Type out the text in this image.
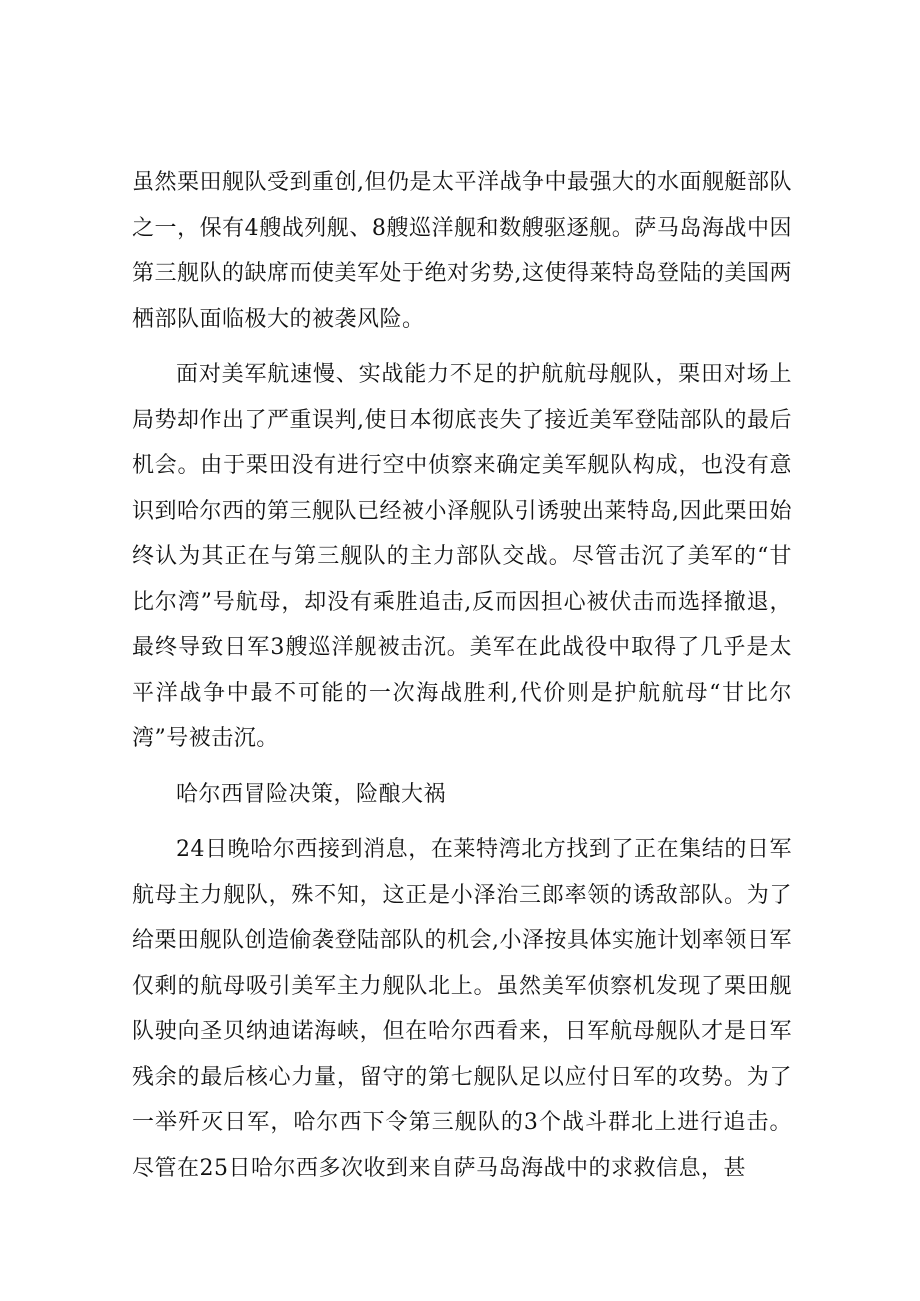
虽然栗田舰队受到重创,但仍是太平洋战争中最强大的水面舰艇部队之一，保有4艘战列舰、8艘巡洋舰和数艘驱逐舰。萨马岛海战中因第三舰队的缺席而使美军处于绝对劣势,这使得莱特岛登陆的美国两栖部队面临极大的被袭风险。

面对美军航速慢、实战能力不足的护航航母舰队，栗田对场上局势却作出了严重误判,使日本彻底丧失了接近美军登陆部队的最后机会。由于栗田没有进行空中侦察来确定美军舰队构成，也没有意识到哈尔西的第三舰队已经被小泽舰队引诱驶出莱特岛,因此栗田始终认为其正在与第三舰队的主力部队交战。尽管击沉了美军的“甘比尔湾”号航母，却没有乘胜追击,反而因担心被伏击而选择撤退，最终导致日军3艘巡洋舰被击沉。美军在此战役中取得了几乎是太平洋战争中最不可能的一次海战胜利,代价则是护航航母“甘比尔湾”号被击沉。

哈尔西冒险决策，险酿大祸

24日晚哈尔西接到消息，在莱特湾北方找到了正在集结的日军航母主力舰队，殊不知，这正是小泽治三郎率领的诱敌部队。为了给栗田舰队创造偷袭登陆部队的机会,小泽按具体实施计划率领日军仅剩的航母吸引美军主力舰队北上。虽然美军侦察机发现了栗田舰队驶向圣贝纳迪诺海峡，但在哈尔西看来，日军航母舰队才是日军残余的最后核心力量，留守的第七舰队足以应付日军的攻势。为了一举歼灭日军，哈尔西下令第三舰队的3个战斗群北上进行追击。尽管在25日哈尔西多次收到来自萨马岛海战中的求救信息，甚
